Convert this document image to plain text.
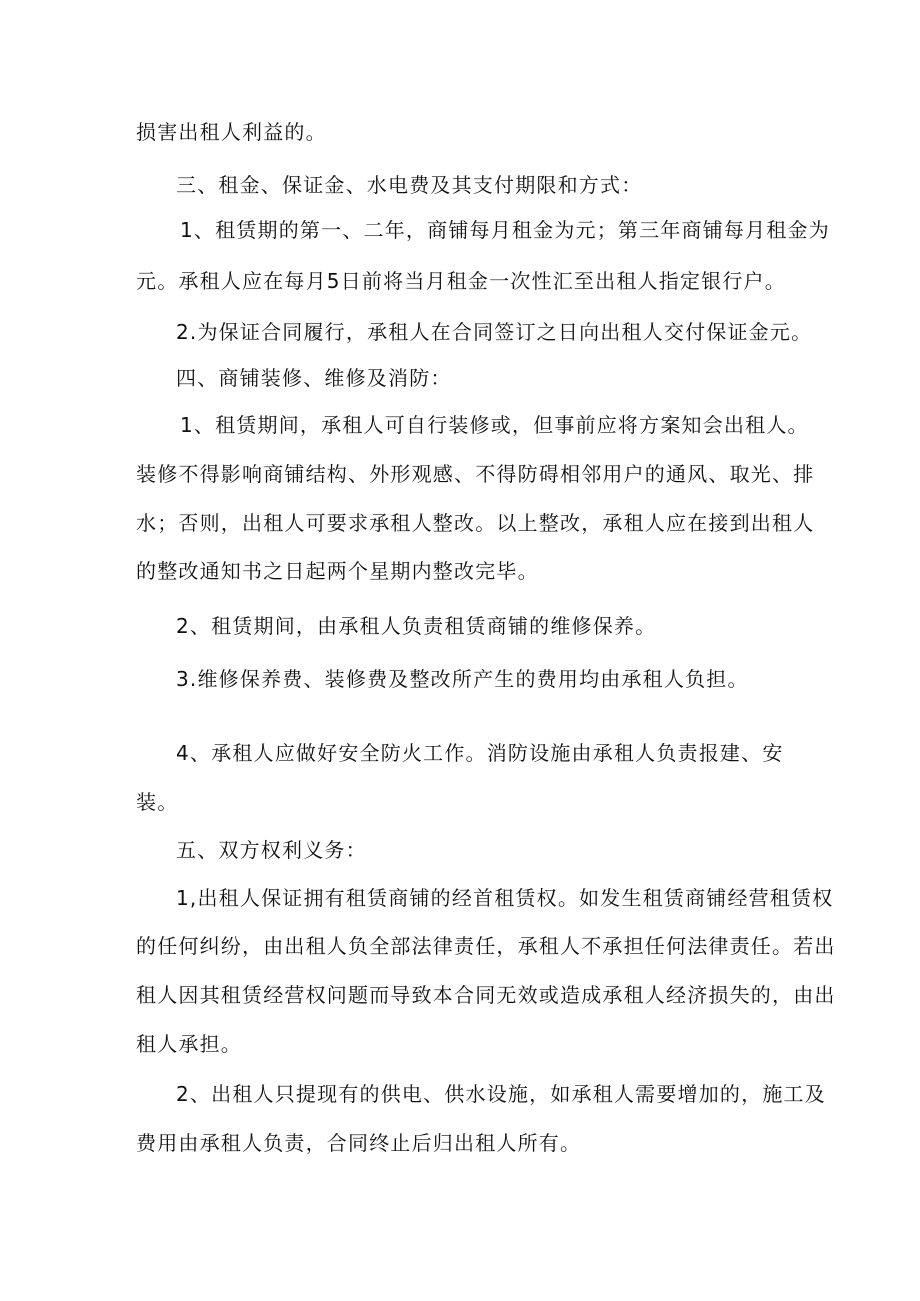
损害出租人利益的。
三、租金、保证金、水电费及其支付期限和方式：
1、租赁期的第一、二年，商铺每月租金为元；第三年商铺每月租金为
元。承租人应在每月5日前将当月租金一次性汇至出租人指定银行户。
2.为保证合同履行，承租人在合同签订之日向出租人交付保证金元。
四、商铺装修、维修及消防：
1、租赁期间，承租人可自行装修或，但事前应将方案知会出租人。
装修不得影响商铺结构、外形观感、不得防碍相邻用户的通风、取光、排
水；否则，出租人可要求承租人整改。以上整改，承租人应在接到出租人
的整改通知书之日起两个星期内整改完毕。
2、租赁期间，由承租人负责租赁商铺的维修保养。
3.维修保养费、装修费及整改所产生的费用均由承租人负担。
4、承租人应做好安全防火工作。消防设施由承租人负责报建、安
装。
五、双方权利义务：
1,出租人保证拥有租赁商铺的经首租赁权。如发生租赁商铺经营租赁权
的任何纠纷，由出租人负全部法律责任，承租人不承担任何法律责任。若出
租人因其租赁经营权问题而导致本合同无效或造成承租人经济损失的，由出
租人承担。
2、出租人只提现有的供电、供水设施，如承租人需要增加的，施工及
费用由承租人负责，合同终止后归出租人所有。
